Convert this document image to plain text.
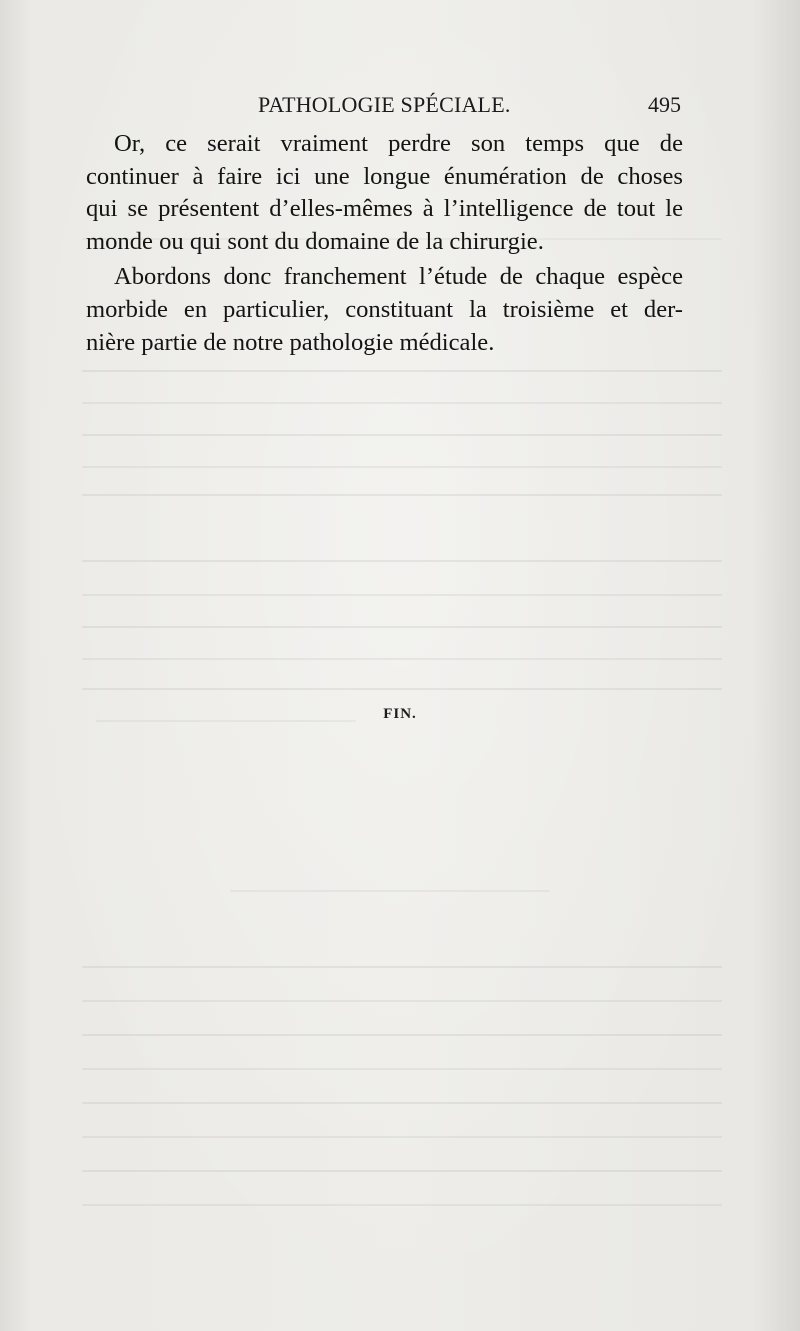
PATHOLOGIE SPÉCIALE.	495

Or, ce serait vraiment perdre son temps que de
continuer à faire ici une longue énumération de choses
qui se présentent d’elles-mêmes à l’intelligence de tout le
monde ou qui sont du domaine de la chirurgie.

Abordons donc franchement l’étude de chaque espèce
morbide en particulier, constituant la troisième et der-
nière partie de notre pathologie médicale.

FIN.
